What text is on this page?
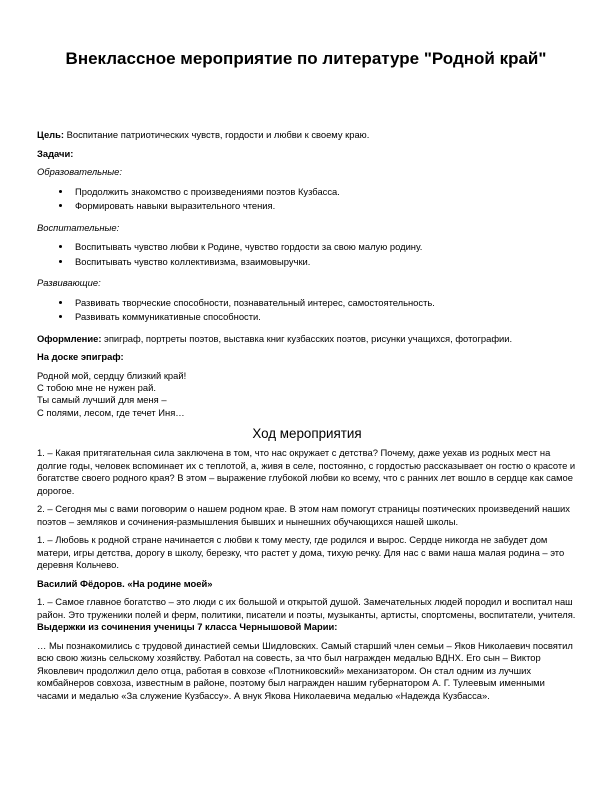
Внеклассное мероприятие по литературе "Родной край"

Цель: Воспитание патриотических чувств, гордости и любви к своему краю.

Задачи:

Образовательные:
• Продолжить знакомство с произведениями поэтов Кузбасса.
• Формировать навыки выразительного чтения.
Воспитательные:
• Воспитывать чувство любви к Родине, чувство гордости за свою малую родину.
• Воспитывать чувство коллективизма, взаимовыручки.
Развивающие:
• Развивать творческие способности, познавательный интерес, самостоятельность.
• Развивать коммуникативные способности.

Оформление: эпиграф, портреты поэтов, выставка книг кузбасских поэтов, рисунки учащихся, фотографии.

На доске эпиграф:

Родной мой, сердцу близкий край!
С тобою мне не нужен рай.
Ты самый лучший для меня –
С полями, лесом, где течет Иня…
Ход мероприятия

1. – Какая притягательная сила заключена в том, что нас окружает с детства? Почему, даже уехав из родных мест на долгие годы, человек вспоминает их с теплотой, а, живя в селе, постоянно, с гордостью рассказывает он гостю о красоте и богатстве своего родного края? В этом – выражение глубокой любви ко всему, что с ранних лет вошло в сердце как самое дорогое.

2. – Сегодня мы с вами поговорим о нашем родном крае. В этом нам помогут страницы поэтических произведений наших поэтов – земляков и сочинения-размышления бывших и нынешних обучающихся нашей школы.

1. – Любовь к родной стране начинается с любви к тому месту, где родился и вырос. Сердце никогда не забудет дом матери, игры детства, дорогу в школу, березку, что растет у дома, тихую речку. Для нас с вами наша малая родина – это деревня Кольчево.

Василий Фёдоров. «На родине моей»

1. – Самое главное богатство – это люди с их большой и открытой душой. Замечательных людей породил и воспитал наш район. Это труженики полей и ферм, политики, писатели и поэты, музыканты, артисты, спортсмены, воспитатели, учителя. Выдержки из сочинения ученицы 7 класса Чернышовой Марии:

… Мы познакомились с трудовой династией семьи Шидловских. Самый старший член семьи – Яков Николаевич посвятил всю свою жизнь сельскому хозяйству. Работал на совесть, за что был награжден медалью ВДНХ. Его сын – Виктор Яковлевич продолжил дело отца, работая в совхозе «Плотниковский» механизатором. Он стал одним из лучших комбайнеров совхоза, известным в районе, поэтому был награжден нашим губернатором А. Г. Тулеевым именными часами и медалью «За служение Кузбассу». А внук Якова Николаевича медалью «Надежда Кузбасса».
